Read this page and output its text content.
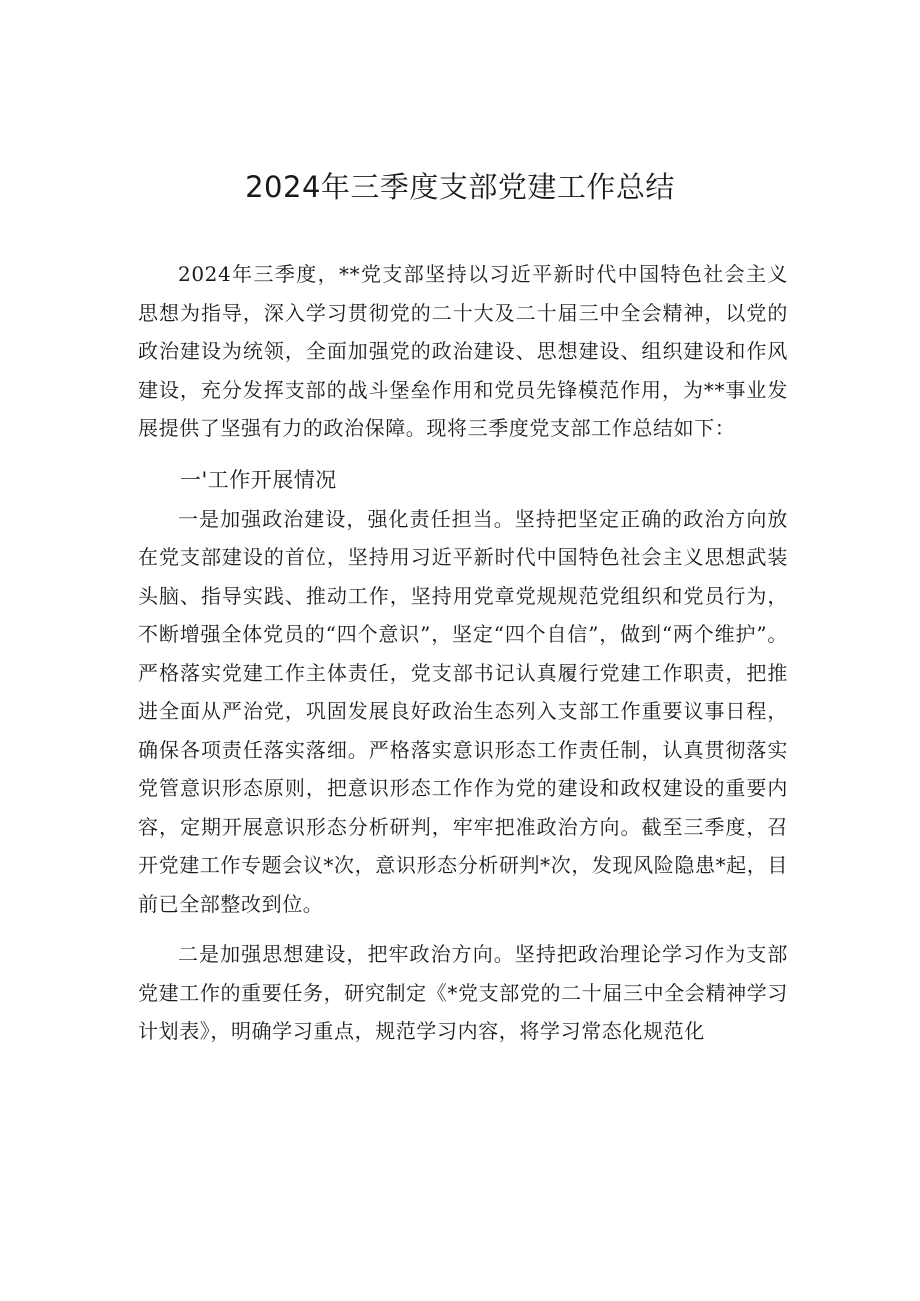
2024年三季度支部党建工作总结

2024年三季度，**党支部坚持以习近平新时代中国特色社会主义思想为指导，深入学习贯彻党的二十大及二十届三中全会精神，以党的政治建设为统领，全面加强党的政治建设、思想建设、组织建设和作风建设，充分发挥支部的战斗堡垒作用和党员先锋模范作用，为**事业发展提供了坚强有力的政治保障。现将三季度党支部工作总结如下：

一'工作开展情况

一是加强政治建设，强化责任担当。坚持把坚定正确的政治方向放在党支部建设的首位，坚持用习近平新时代中国特色社会主义思想武装头脑、指导实践、推动工作，坚持用党章党规规范党组织和党员行为，不断增强全体党员的“四个意识”，坚定“四个自信”，做到“两个维护”。严格落实党建工作主体责任，党支部书记认真履行党建工作职责，把推进全面从严治党，巩固发展良好政治生态列入支部工作重要议事日程，确保各项责任落实落细。严格落实意识形态工作责任制，认真贯彻落实党管意识形态原则，把意识形态工作作为党的建设和政权建设的重要内容，定期开展意识形态分析研判，牢牢把准政治方向。截至三季度，召开党建工作专题会议*次，意识形态分析研判*次，发现风险隐患*起，目前已全部整改到位。

二是加强思想建设，把牢政治方向。坚持把政治理论学习作为支部党建工作的重要任务，研究制定《*党支部党的二十届三中全会精神学习计划表》，明确学习重点，规范学习内容，将学习常态化规范化
